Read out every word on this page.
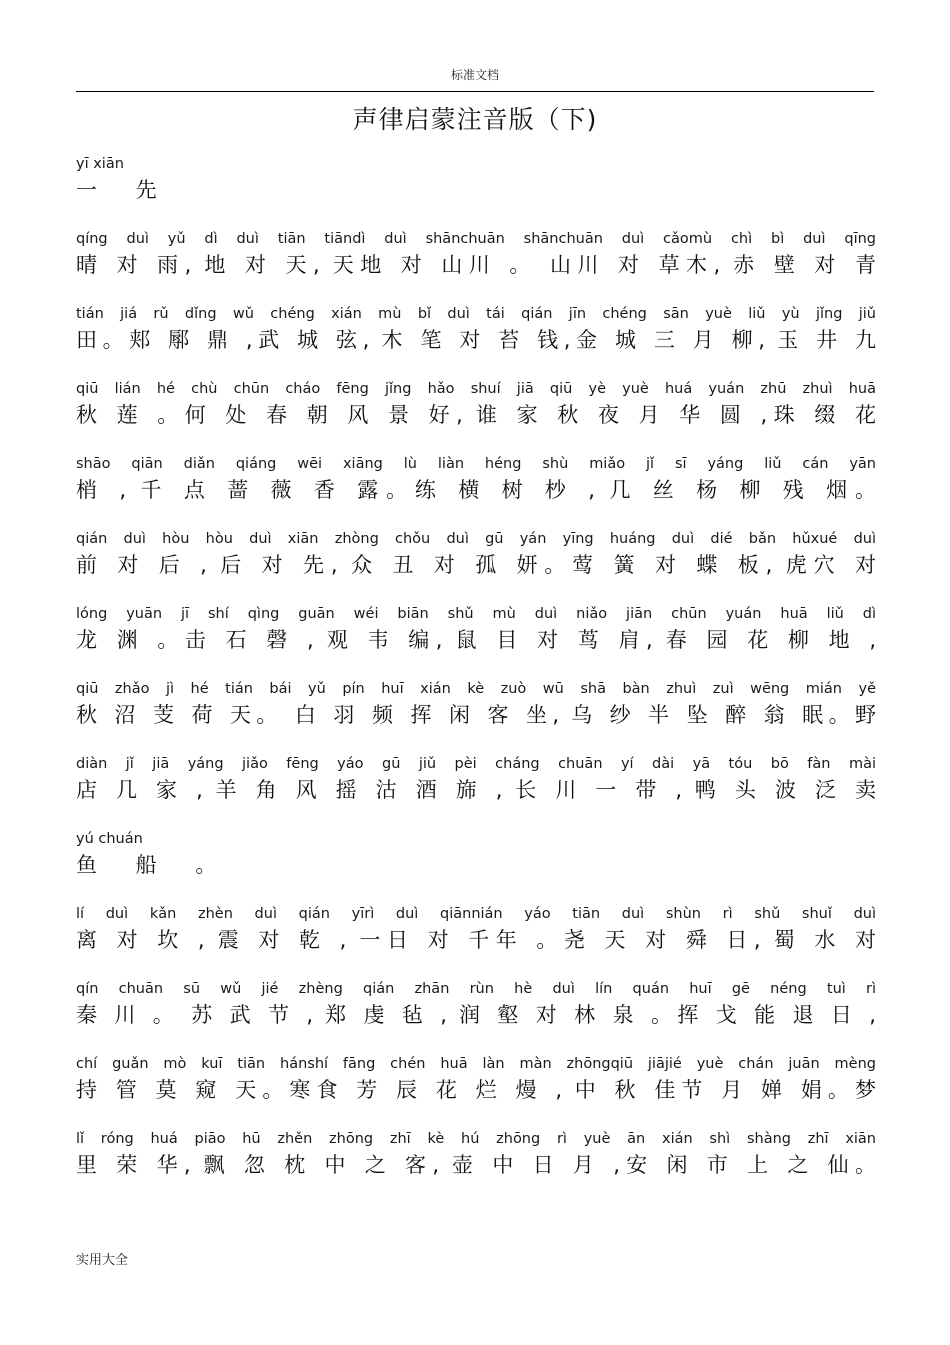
标准文档
声律启蒙注音版（下)
yī xiān
一 先
qíng duì yǔ dì duì tiān tiāndì duì shānchuān shānchuān duì cǎomù chì bì duì qīng
晴 对 雨, 地 对 天, 天地 对 山川 。 山川 对 草木, 赤 壁 对 青
tián jiá rǔ dǐng wǔ chéng xián mù bǐ duì tái qián jīn chéng sān yuè liǔ yù jǐng jiǔ
田。郏 鄏 鼎 ,武 城 弦, 木 笔 对 苔 钱,金 城 三 月 柳, 玉 井 九
qiū lián hé chù chūn cháo fēng jǐng hǎo shuí jiā qiū yè yuè huá yuán zhū zhuì huā
秋 莲 。何 处 春 朝 风 景 好, 谁 家 秋 夜 月 华 圆 ,珠 缀 花
shāo qiān diǎn qiáng wēi xiāng lù liàn héng shù miǎo jǐ sī yáng liǔ cán yān
梢 , 千 点 蔷 薇 香 露。练 横 树 杪 , 几 丝 杨 柳 残 烟。
qián duì hòu hòu duì xiān zhòng chǒu duì gū yán yīng huáng duì dié bǎn hǔxué duì
前 对 后 , 后 对 先, 众 丑 对 孤 妍。莺 簧 对 蝶 板, 虎穴 对
lóng yuān jī shí qìng guān wéi biān shǔ mù duì niǎo jiān chūn yuán huā liǔ dì
龙 渊 。击 石 磬 , 观 韦 编, 鼠 目 对 茑 肩, 春 园 花 柳 地 ,
qiū zhǎo jì hé tián bái yǔ pín huī xián kè zuò wū shā bàn zhuì zuì wēng mián yě
秋 沼 芰 荷 天。 白 羽 频 挥 闲 客 坐, 乌 纱 半 坠 醉 翁 眠。野
diàn jǐ jiā yáng jiǎo fēng yáo gū jiǔ pèi cháng chuān yí dài yā tóu bō fàn mài
店 几 家 , 羊 角 风 摇 沽 酒 旆 , 长 川 一 带 , 鸭 头 波 泛 卖
yú chuán
鱼 船 。
lí duì kǎn zhèn duì qián yīrì duì qiānnián yáo tiān duì shùn rì shǔ shuǐ duì
离 对 坎 , 震 对 乾 , 一日 对 千年 。尧 天 对 舜 日, 蜀 水 对
qín chuān sū wǔ jié zhèng qián zhān rùn hè duì lín quán huī gē néng tuì rì
秦 川 。 苏 武 节 , 郑 虔 毡 , 润 壑 对 林 泉 。挥 戈 能 退 日 ,
chí guǎn mò kuī tiān hánshí fāng chén huā làn màn zhōngqiū jiājié yuè chán juān mèng
持 管 莫 窥 天。寒食 芳 辰 花 烂 熳 , 中 秋 佳节 月 婵 娟。梦
lǐ róng huá piāo hū zhěn zhōng zhī kè hú zhōng rì yuè ān xián shì shàng zhī xiān
里 荣 华, 飘 忽 枕 中 之 客, 壶 中 日 月 ,安 闲 市 上 之 仙。
实用大全
